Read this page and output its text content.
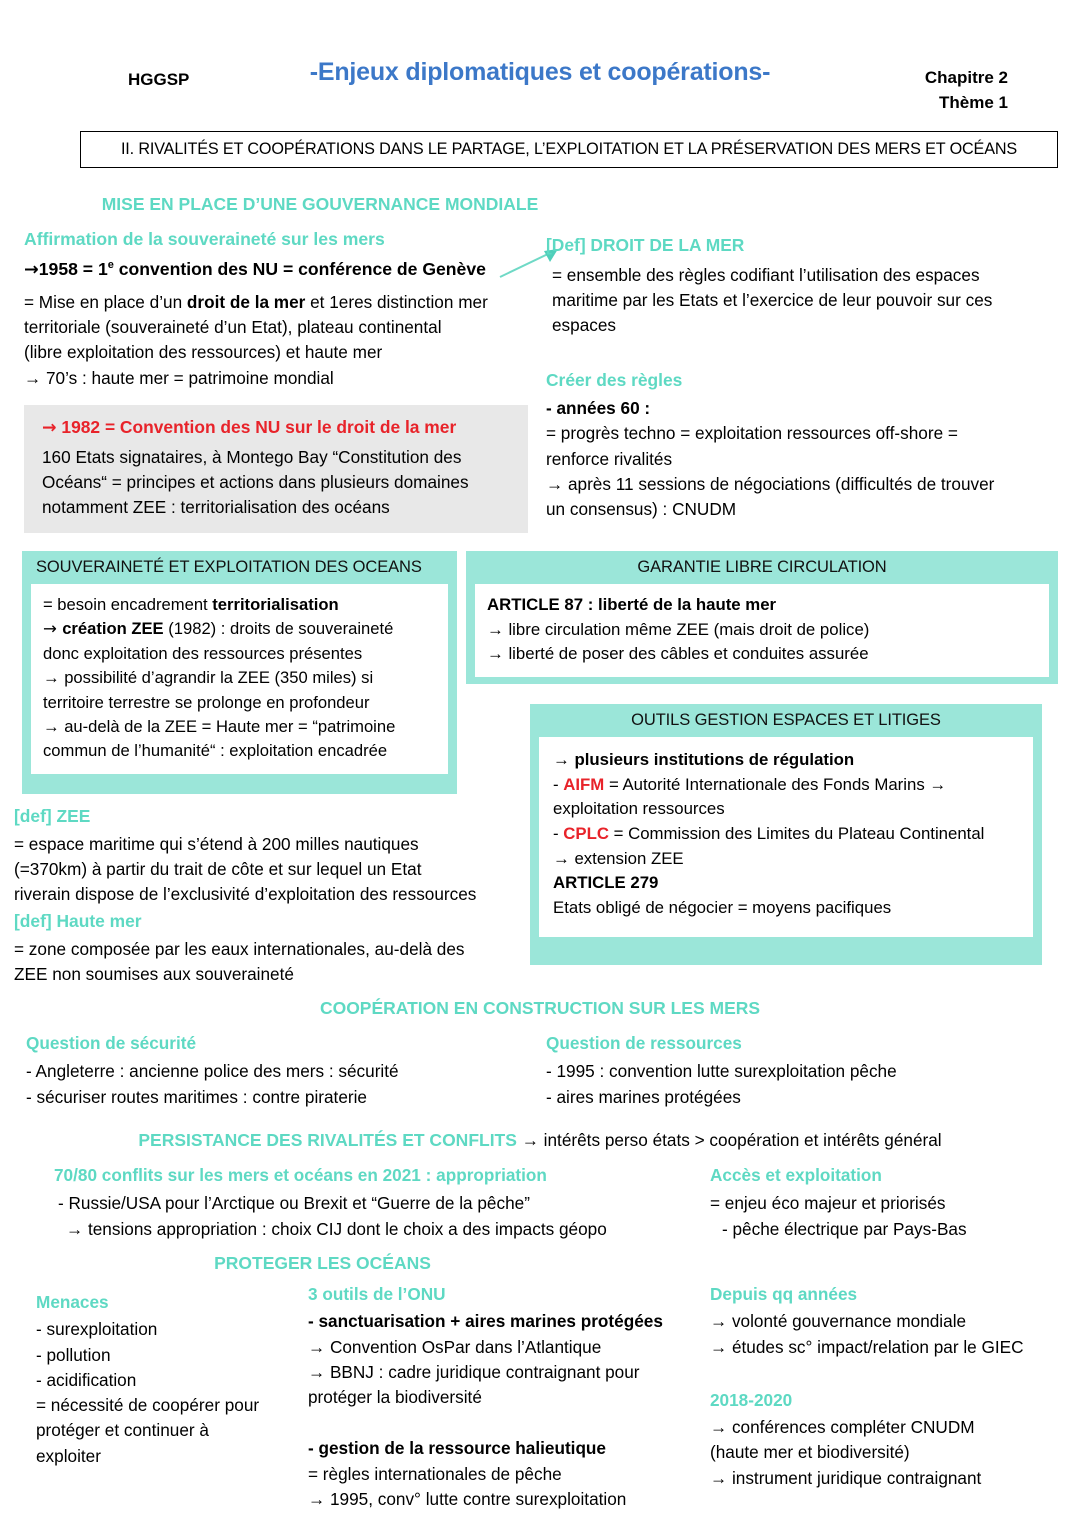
HGGSP	-Enjeux diplomatiques et coopérations-	Chapitre 2
Thème 1
II. RIVALITÉS ET COOPÉRATIONS DANS LE PARTAGE, L’EXPLOITATION ET LA PRÉSERVATION DES MERS ET OCÉANS
MISE EN PLACE D’UNE GOUVERNANCE MONDIALE
Affirmation de la souveraineté sur les mers
$\to 1958 = 1^e$ convention des NU = conférence de Genève
= Mise en place d’un droit de la mer et 1eres distinction mer
territoriale (souveraineté d’un Etat), plateau continental
(libre exploitation des ressources) et haute mer
→ 70’s : haute mer = patrimoine mondial
→ 1982 = Convention des NU sur le droit de la mer
160 Etats signataires, à Montego Bay “Constitution des
Océans“ = principes et actions dans plusieurs domaines
notamment ZEE : territorialisation des océans
[Def] DROIT DE LA MER
= ensemble des règles codifiant l’utilisation des espaces
maritime par les Etats et l’exercice de leur pouvoir sur ces
espaces
Créer des règles
- années 60 :
= progrès techno = exploitation ressources off-shore =
renforce rivalités
→ après 11 sessions de négociations (difficultés de trouver
un consensus) : CNUDM
SOUVERAINETÉ ET EXPLOITATION DES OCEANS
= besoin encadrement territorialisation
→ création ZEE (1982) : droits de souveraineté
donc exploitation des ressources présentes
→ possibilité d’agrandir la ZEE (350 miles) si
territoire terrestre se prolonge en profondeur
→ au-delà de la ZEE = Haute mer = “patrimoine
commun de l’humanité“ : exploitation encadrée
GARANTIE LIBRE CIRCULATION
ARTICLE 87 : liberté de la haute mer
→ libre circulation même ZEE (mais droit de police)
→ liberté de poser des câbles et conduites assurée
OUTILS GESTION ESPACES ET LITIGES
→ plusieurs institutions de régulation
- AIFM = Autorité Internationale des Fonds Marins →
exploitation ressources
- CPLC = Commission des Limites du Plateau Continental
→ extension ZEE
ARTICLE 279
Etats obligé de négocier = moyens pacifiques
[def] ZEE
= espace maritime qui s’étend à 200 milles nautiques
(=370km) à partir du trait de côte et sur lequel un Etat
riverain dispose de l’exclusivité d’exploitation des ressources
[def] Haute mer
= zone composée par les eaux internationales, au-delà des
ZEE non soumises aux souveraineté
COOPÉRATION EN CONSTRUCTION SUR LES MERS
Question de sécurité
- Angleterre : ancienne police des mers : sécurité
- sécuriser routes maritimes : contre piraterie
Question de ressources
- 1995 : convention lutte surexploitation pêche
- aires marines protégées
PERSISTANCE DES RIVALITÉS ET CONFLITS → intérêts perso états > coopération et intérêts général
70/80 conflits sur les mers et océans en 2021 : appropriation
- Russie/USA pour l’Arctique ou Brexit et “Guerre de la pêche”
→ tensions appropriation : choix CIJ dont le choix a des impacts géopo
Accès et exploitation
= enjeu éco majeur et priorisés
- pêche électrique par Pays-Bas
PROTEGER LES OCÉANS
Menaces
- surexploitation
- pollution
- acidification
= nécessité de coopérer pour
protéger et continuer à
exploiter
3 outils de l’ONU
- sanctuarisation + aires marines protégées
→ Convention OsPar dans l’Atlantique
→ BBNJ : cadre juridique contraignant pour
protéger la biodiversité
- gestion de la ressource halieutique
= règles internationales de pêche
→ 1995, conv° lutte contre surexploitation
Depuis qq années
→ volonté gouvernance mondiale
→ études sc° impact/relation par le GIEC
2018-2020
→ conférences compléter CNUDM
(haute mer et biodiversité)
→ instrument juridique contraignant
